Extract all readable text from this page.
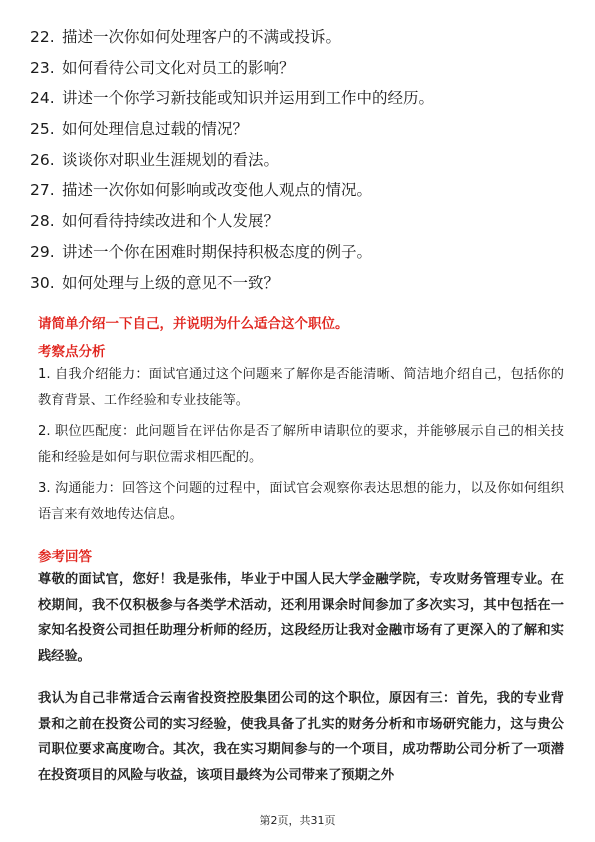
22. 描述一次你如何处理客户的不满或投诉。
23. 如何看待公司文化对员工的影响？
24. 讲述一个你学习新技能或知识并运用到工作中的经历。
25. 如何处理信息过载的情况？
26. 谈谈你对职业生涯规划的看法。
27. 描述一次你如何影响或改变他人观点的情况。
28. 如何看待持续改进和个人发展？
29. 讲述一个你在困难时期保持积极态度的例子。
30. 如何处理与上级的意见不一致？
请简单介绍一下自己，并说明为什么适合这个职位。
考察点分析

1. 自我介绍能力：面试官通过这个问题来了解你是否能清晰、简洁地介绍自己，包括你的教育背景、工作经验和专业技能等。

2. 职位匹配度：此问题旨在评估你是否了解所申请职位的要求，并能够展示自己的相关技能和经验是如何与职位需求相匹配的。

3. 沟通能力：回答这个问题的过程中，面试官会观察你表达思想的能力，以及你如何组织语言来有效地传达信息。

参考回答

尊敬的面试官，您好！我是张伟，毕业于中国人民大学金融学院，专攻财务管理专业。在校期间，我不仅积极参与各类学术活动，还利用课余时间参加了多次实习，其中包括在一家知名投资公司担任助理分析师的经历，这段经历让我对金融市场有了更深入的了解和实践经验。

我认为自己非常适合云南省投资控股集团公司的这个职位，原因有三：首先，我的专业背景和之前在投资公司的实习经验，使我具备了扎实的财务分析和市场研究能力，这与贵公司职位要求高度吻合。其次，我在实习期间参与的一个项目，成功帮助公司分析了一项潜在投资项目的风险与收益，该项目最终为公司带来了预期之外

第2页，共31页
